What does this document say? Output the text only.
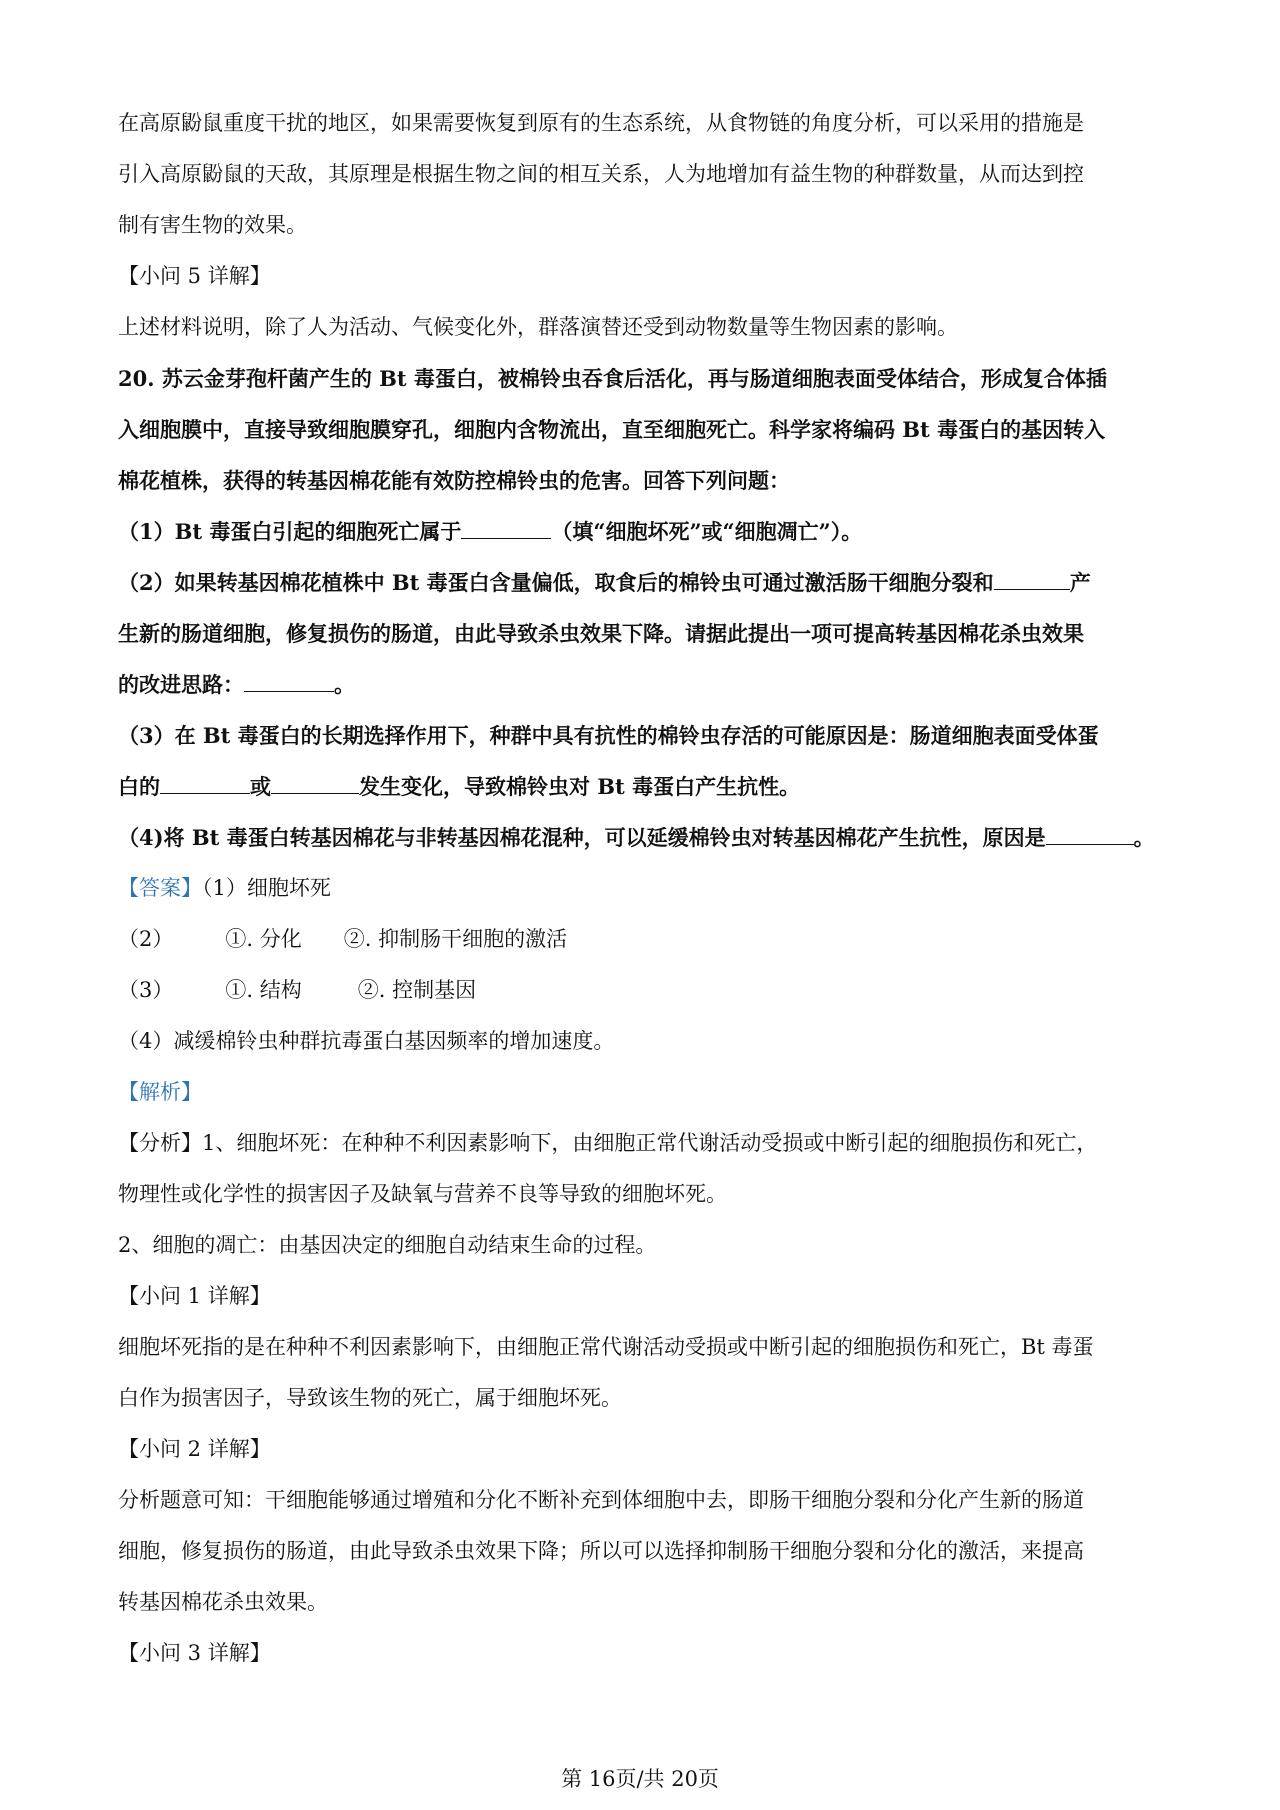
在高原鼢鼠重度干扰的地区，如果需要恢复到原有的生态系统，从食物链的角度分析，可以采用的措施是
引入高原鼢鼠的天敌，其原理是根据生物之间的相互关系，人为地增加有益生物的种群数量，从而达到控
制有害生物的效果。
【小问 5 详解】
上述材料说明，除了人为活动、气候变化外，群落演替还受到动物数量等生物因素的影响。
20. 苏云金芽孢杆菌产生的 Bt 毒蛋白，被棉铃虫吞食后活化，再与肠道细胞表面受体结合，形成复合体插
入细胞膜中，直接导致细胞膜穿孔，细胞内含物流出，直至细胞死亡。科学家将编码 Bt 毒蛋白的基因转入
棉花植株，获得的转基因棉花能有效防控棉铃虫的危害。回答下列问题：
（1）Bt 毒蛋白引起的细胞死亡属于	（填“细胞坏死”或“细胞凋亡”）。
（2）如果转基因棉花植株中 Bt 毒蛋白含量偏低，取食后的棉铃虫可通过激活肠干细胞分裂和	产
生新的肠道细胞，修复损伤的肠道，由此导致杀虫效果下降。请据此提出一项可提高转基因棉花杀虫效果
的改进思路：	。
（3）在 Bt 毒蛋白的长期选择作用下，种群中具有抗性的棉铃虫存活的可能原因是：肠道细胞表面受体蛋
白的	或	发生变化，导致棉铃虫对 Bt 毒蛋白产生抗性。
（4)将 Bt 毒蛋白转基因棉花与非转基因棉花混种，可以延缓棉铃虫对转基因棉花产生抗性，原因是	。
【答案】（1）细胞坏死
（2） ①. 分化 ②. 抑制肠干细胞的激活
（3） ①. 结构	②. 控制基因
（4）减缓棉铃虫种群抗毒蛋白基因频率的增加速度。
【解析】
【分析】1、细胞坏死：在种种不利因素影响下，由细胞正常代谢活动受损或中断引起的细胞损伤和死亡，
物理性或化学性的损害因子及缺氧与营养不良等导致的细胞坏死。
2、细胞的凋亡：由基因决定的细胞自动结束生命的过程。
【小问 1 详解】
细胞坏死指的是在种种不利因素影响下，由细胞正常代谢活动受损或中断引起的细胞损伤和死亡，Bt 毒蛋
白作为损害因子，导致该生物的死亡，属于细胞坏死。
【小问 2 详解】
分析题意可知：干细胞能够通过增殖和分化不断补充到体细胞中去，即肠干细胞分裂和分化产生新的肠道
细胞，修复损伤的肠道，由此导致杀虫效果下降；所以可以选择抑制肠干细胞分裂和分化的激活，来提高
转基因棉花杀虫效果。
【小问 3 详解】
第 16页/共 20页
